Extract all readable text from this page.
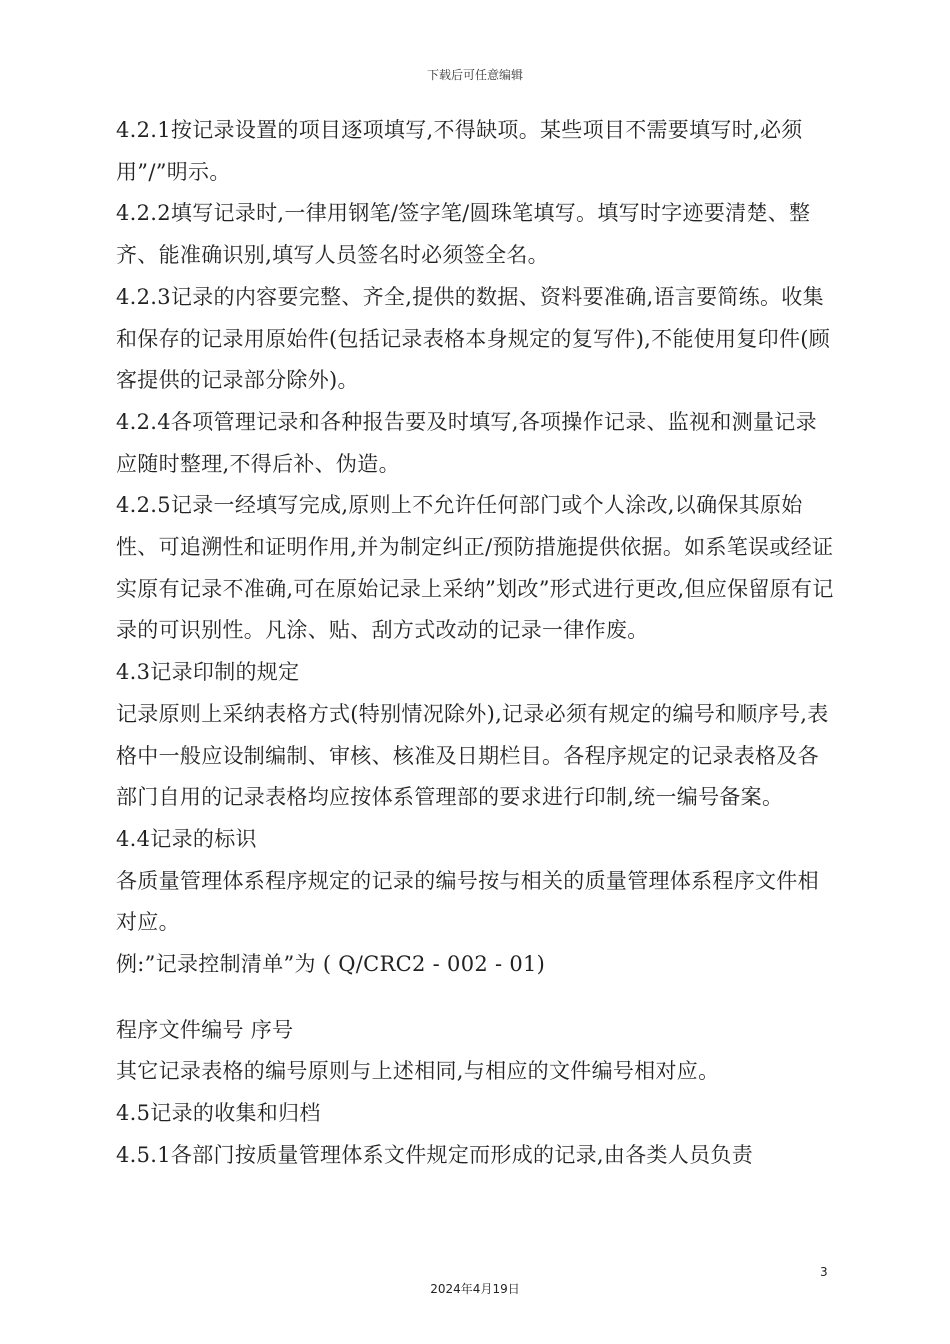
下载后可任意编辑

4.2.1按记录设置的项目逐项填写,不得缺项。某些项目不需要填写时,必须用”/”明示。

4.2.2填写记录时,一律用钢笔/签字笔/圆珠笔填写。填写时字迹要清楚、整齐、能准确识别,填写人员签名时必须签全名。

4.2.3记录的内容要完整、齐全,提供的数据、资料要准确,语言要简练。收集和保存的记录用原始件(包括记录表格本身规定的复写件),不能使用复印件(顾客提供的记录部分除外)。

4.2.4各项管理记录和各种报告要及时填写,各项操作记录、监视和测量记录应随时整理,不得后补、伪造。

4.2.5记录一经填写完成,原则上不允许任何部门或个人涂改,以确保其原始性、可追溯性和证明作用,并为制定纠正/预防措施提供依据。如系笔误或经证实原有记录不准确,可在原始记录上采纳”划改”形式进行更改,但应保留原有记录的可识别性。凡涂、贴、刮方式改动的记录一律作废。

4.3记录印制的规定

记录原则上采纳表格方式(特别情况除外),记录必须有规定的编号和顺序号,表格中一般应设制编制、审核、核准及日期栏目。各程序规定的记录表格及各部门自用的记录表格均应按体系管理部的要求进行印制,统一编号备案。

4.4记录的标识

各质量管理体系程序规定的记录的编号按与相关的质量管理体系程序文件相对应。

例:”记录控制清单”为 ( Q/CRC2 - 002 - 01)

程序文件编号 序号

其它记录表格的编号原则与上述相同,与相应的文件编号相对应。

4.5记录的收集和归档

4.5.1各部门按质量管理体系文件规定而形成的记录,由各类人员负责

3
2024年4月19日
